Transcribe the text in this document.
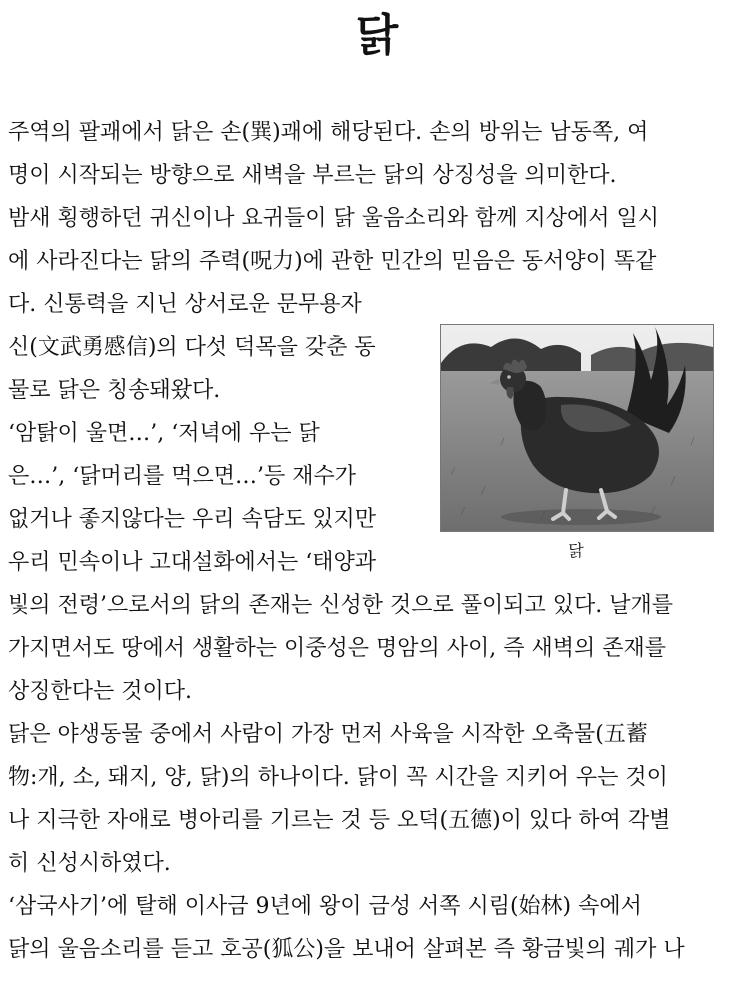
닭
주역의 팔괘에서 닭은 손(巽)괘에 해당된다. 손의 방위는 남동쪽, 여
명이 시작되는 방향으로 새벽을 부르는 닭의 상징성을 의미한다.
밤새 횡행하던 귀신이나 요귀들이 닭 울음소리와 함께 지상에서 일시
에 사라진다는 닭의 주력(呪力)에 관한 민간의 믿음은 동서양이 똑같
다. 신통력을 지닌 상서로운 문무용자
신(文武勇慼信)의 다섯 덕목을 갖춘 동
물로 닭은 칭송돼왔다.
‘암탉이 울면…’, ‘저녁에 우는 닭
은…’, ‘닭머리를 먹으면…’등 재수가
없거나 좋지않다는 우리 속담도 있지만
우리 민속이나 고대설화에서는 ‘태양과
빛의 전령’으로서의 닭의 존재는 신성한 것으로 풀이되고 있다. 날개를
가지면서도 땅에서 생활하는 이중성은 명암의 사이, 즉 새벽의 존재를
상징한다는 것이다.
닭은 야생동물 중에서 사람이 가장 먼저 사육을 시작한 오축물(五蓄
物:개, 소, 돼지, 양, 닭)의 하나이다. 닭이 꼭 시간을 지키어 우는 것이
나 지극한 자애로 병아리를 기르는 것 등 오덕(五德)이 있다 하여 각별
히 신성시하였다.
‘삼국사기’에 탈해 이사금 9년에 왕이 금성 서쪽 시림(始林) 속에서
닭의 울음소리를 듣고 호공(狐公)을 보내어 살펴본 즉 황금빛의 궤가 나
닭
